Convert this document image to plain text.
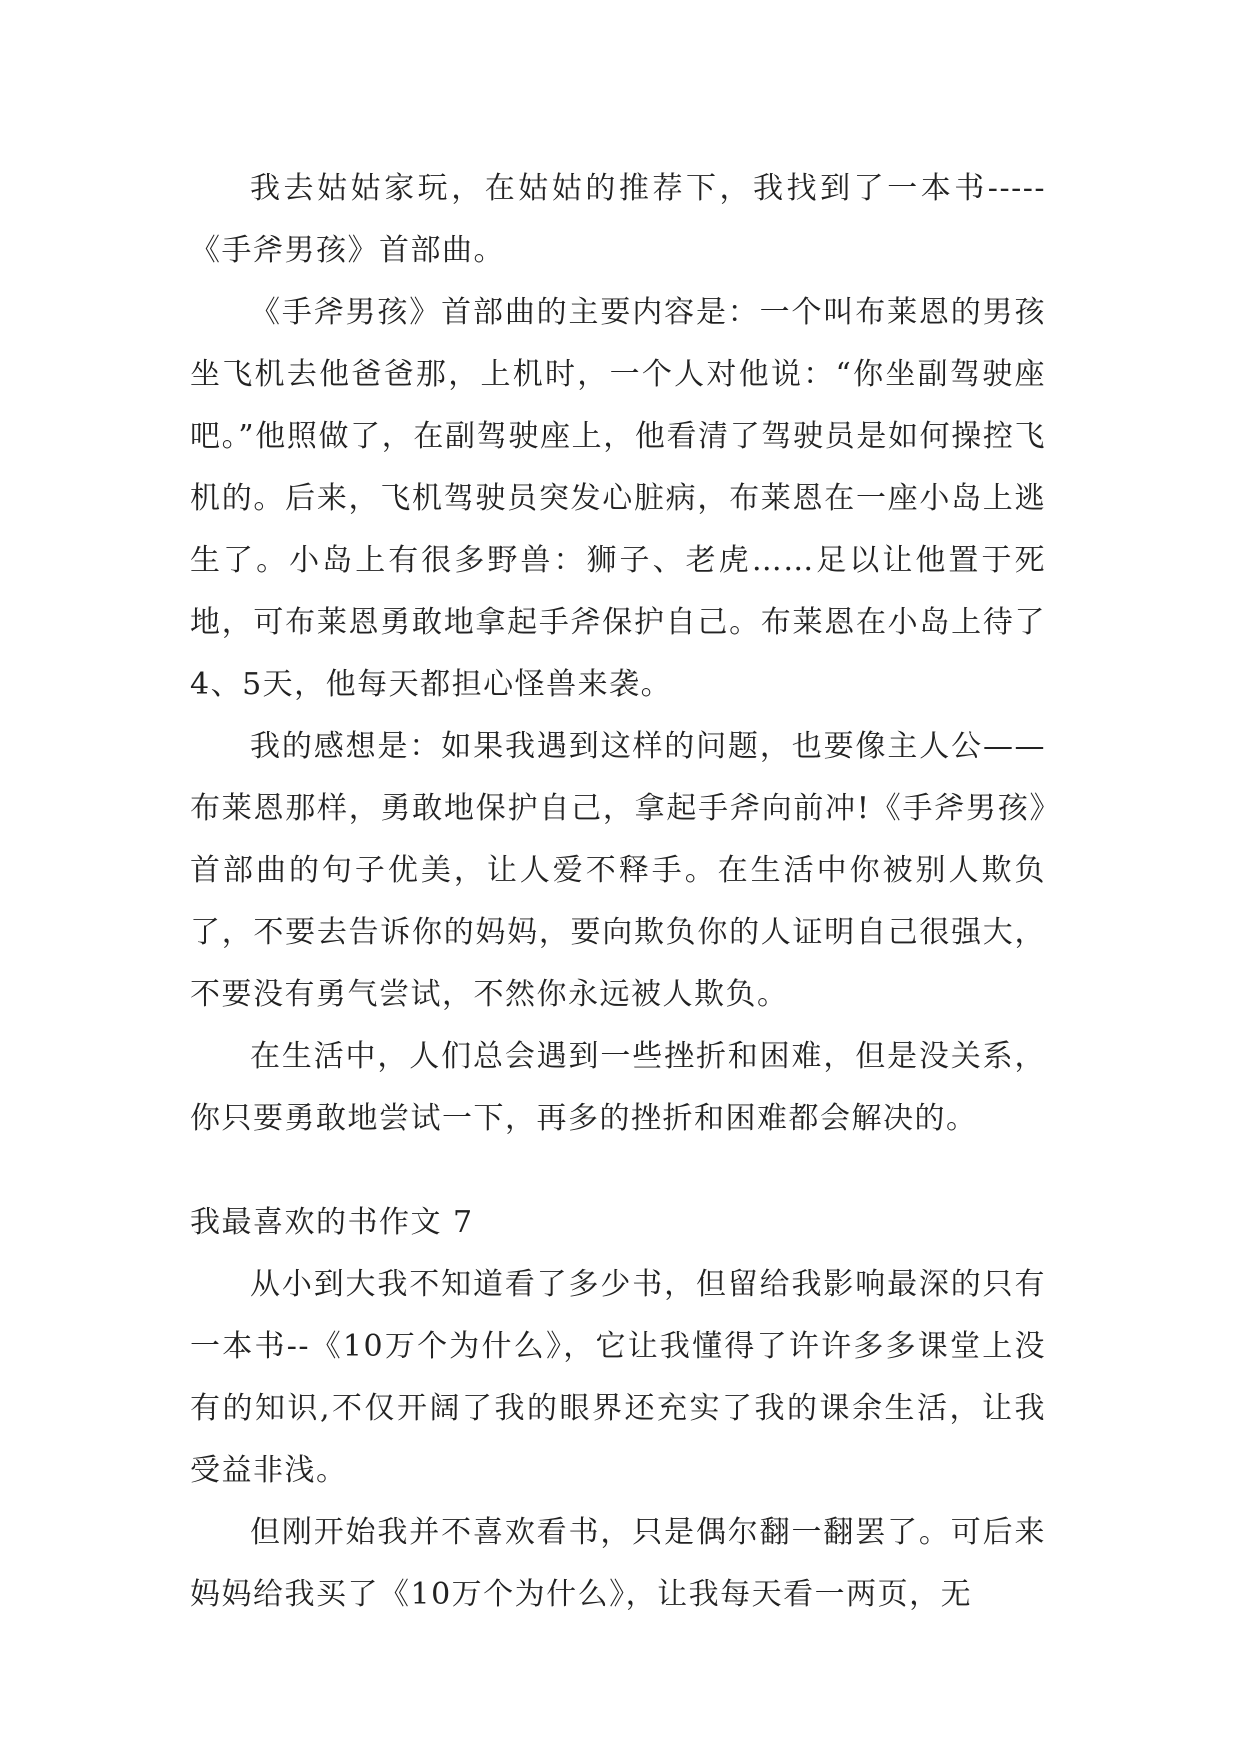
我去姑姑家玩，在姑姑的推荐下，我找到了一本书-----《手斧男孩》首部曲。

《手斧男孩》首部曲的主要内容是：一个叫布莱恩的男孩坐飞机去他爸爸那，上机时，一个人对他说：“你坐副驾驶座吧。”他照做了，在副驾驶座上，他看清了驾驶员是如何操控飞机的。后来，飞机驾驶员突发心脏病，布莱恩在一座小岛上逃生了。小岛上有很多野兽：狮子、老虎……足以让他置于死地，可布莱恩勇敢地拿起手斧保护自己。布莱恩在小岛上待了4、5天，他每天都担心怪兽来袭。

我的感想是：如果我遇到这样的问题，也要像主人公——布莱恩那样，勇敢地保护自己，拿起手斧向前冲!《手斧男孩》首部曲的句子优美，让人爱不释手。在生活中你被别人欺负了，不要去告诉你的妈妈，要向欺负你的人证明自己很强大，不要没有勇气尝试，不然你永远被人欺负。

在生活中，人们总会遇到一些挫折和困难，但是没关系，你只要勇敢地尝试一下，再多的挫折和困难都会解决的。

我最喜欢的书作文 7

从小到大我不知道看了多少书，但留给我影响最深的只有一本书--《10万个为什么》，它让我懂得了许许多多课堂上没有的知识,不仅开阔了我的眼界还充实了我的课余生活，让我受益非浅。

但刚开始我并不喜欢看书，只是偶尔翻一翻罢了。可后来妈妈给我买了《10万个为什么》，让我每天看一两页，无
